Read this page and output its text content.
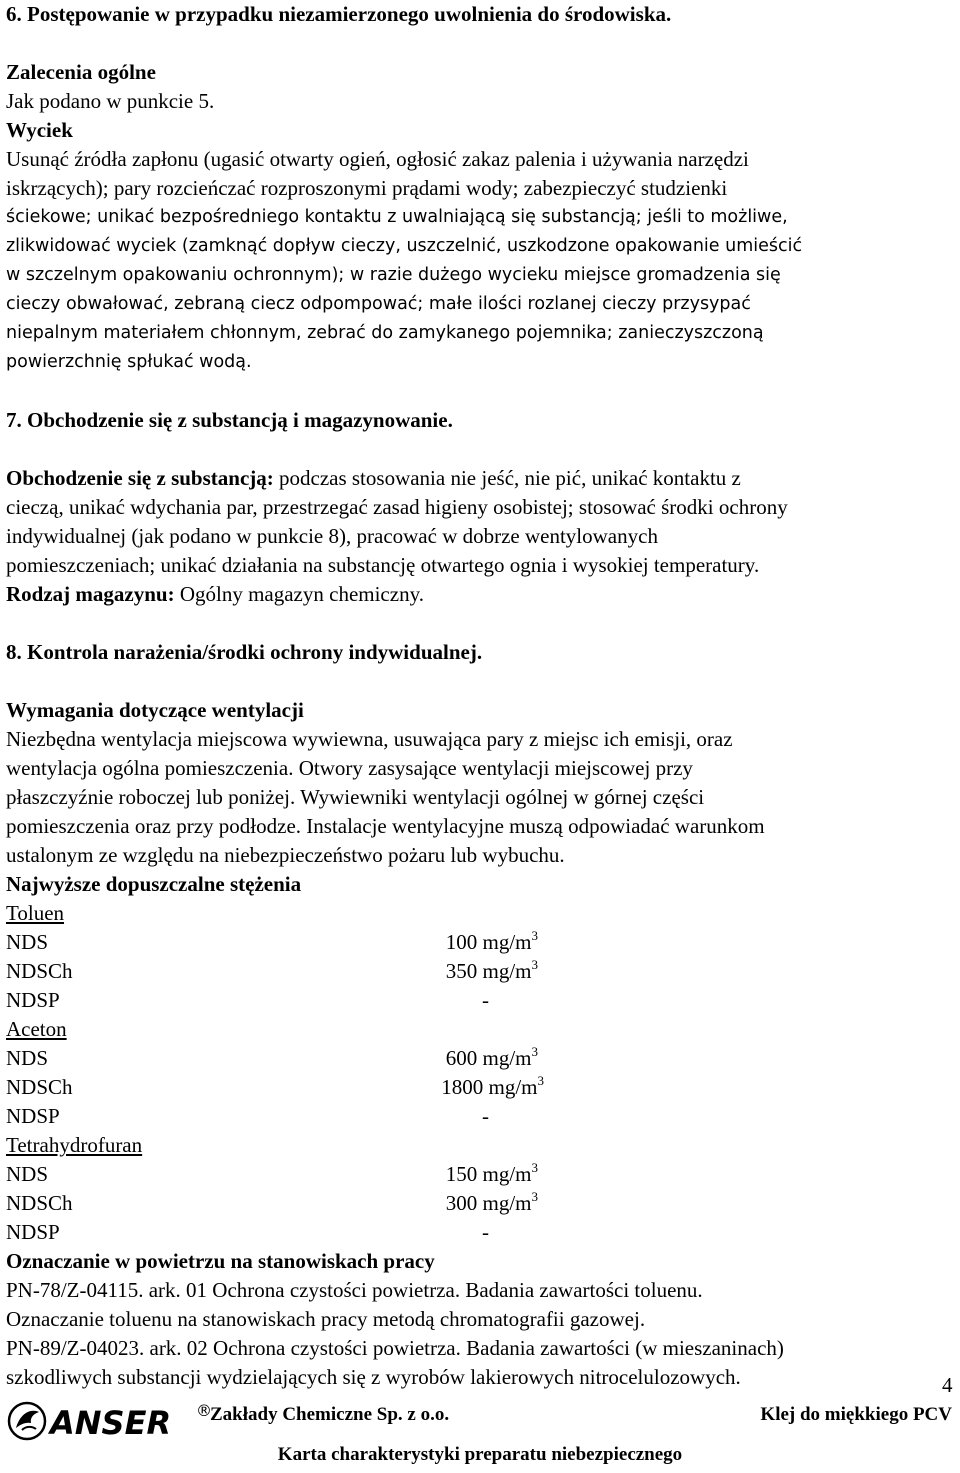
6. Postępowanie w przypadku niezamierzonego uwolnienia do środowiska.

Zalecenia ogólne

Jak podano w punkcie 5.

Wyciek

Usunąć źródła zapłonu (ugasić otwarty ogień, ogłosić zakaz palenia i używania narzędzi

iskrzących); pary rozcieńczać rozproszonymi prądami wody; zabezpieczyć studzienki

ściekowe; unikać bezpośredniego kontaktu z uwalniającą się substancją; jeśli to możliwe,

zlikwidować wyciek (zamknąć dopływ cieczy, uszczelnić, uszkodzone opakowanie umieścić

w szczelnym opakowaniu ochronnym); w razie dużego wycieku miejsce gromadzenia się

cieczy obwałować, zebraną ciecz odpompować; małe ilości rozlanej cieczy przysypać

niepalnym materiałem chłonnym, zebrać do zamykanego pojemnika; zanieczyszczoną

powierzchnię spłukać wodą.

7. Obchodzenie się z substancją i magazynowanie.

Obchodzenie się z substancją: podczas stosowania nie jeść, nie pić, unikać kontaktu z

cieczą, unikać wdychania par, przestrzegać zasad higieny osobistej; stosować środki ochrony

indywidualnej (jak podano w punkcie 8), pracować w dobrze wentylowanych

pomieszczeniach; unikać działania na substancję otwartego ognia i wysokiej temperatury.

Rodzaj magazynu: Ogólny magazyn chemiczny.

8. Kontrola narażenia/środki ochrony indywidualnej.

Wymagania dotyczące wentylacji

Niezbędna wentylacja miejscowa wywiewna, usuwająca pary z miejsc ich emisji, oraz

wentylacja ogólna pomieszczenia. Otwory zasysające wentylacji miejscowej przy

płaszczyźnie roboczej lub poniżej. Wywiewniki wentylacji ogólnej w górnej części

pomieszczenia oraz przy podłodze. Instalacje wentylacyjne muszą odpowiadać warunkom

ustalonym ze względu na niebezpieczeństwo pożaru lub wybuchu.

Najwyższe dopuszczalne stężenia

Toluen

NDS	100 $mg/m^3$
NDSCh	350 $mg/m^3$
NDSP	-

Aceton

NDS	600 $mg/m^3$
NDSCh	1800 $mg/m^3$
NDSP	-

Tetrahydrofuran

NDS	150 $mg/m^3$
NDSCh	300 $mg/m^3$
NDSP	-

Oznaczanie w powietrzu na stanowiskach pracy

PN-78/Z-04115. ark. 01 Ochrona czystości powietrza. Badania zawartości toluenu.

Oznaczanie toluenu na stanowiskach pracy metodą chromatografii gazowej.

PN-89/Z-04023. ark. 02 Ochrona czystości powietrza. Badania zawartości (w mieszaninach)

szkodliwych substancji wydzielających się z wyrobów lakierowych nitrocelulozowych.	4
ANSER ®
Zakłady Chemiczne Sp. z o.o.	Klej do miękkiego PCV
Karta charakterystyki preparatu niebezpiecznego
